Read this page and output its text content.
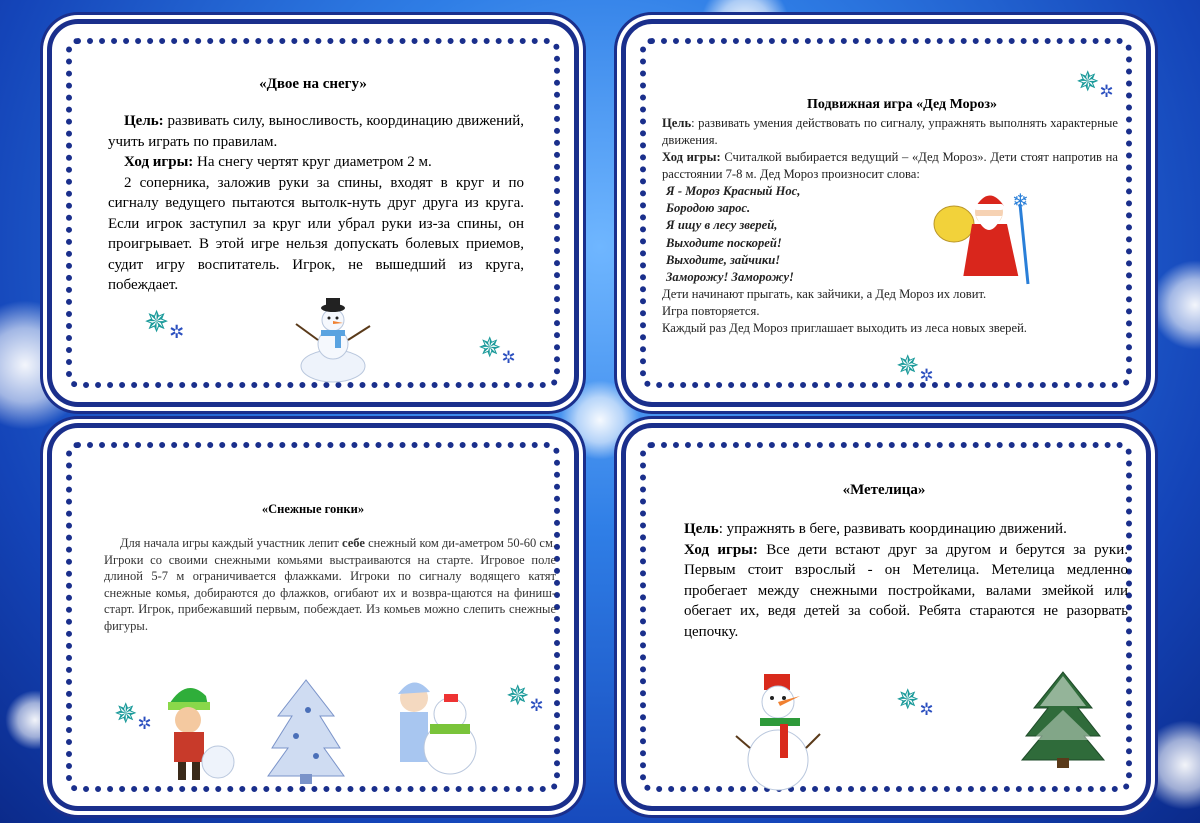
«Двое на снегу»
Цель: развивать силу, выносливость, координацию движений, учить играть по правилам.
Ход игры: На снегу чертят круг диаметром 2 м.
2 соперника, заложив руки за спины, входят в круг и по сигналу ведущего пытаются вытолк-нуть друг друга из круга. Если игрок заступил за круг или убрал руки из-за спины, он проигрывает. В этой игре нельзя допускать болевых приемов, судит игру воспитатель. Игрок, не вышедший из круга, побеждает.
$✵_✲$	$✵_✲$
Подвижная игра «Дед Мороз»
Цель: развивать умения действовать по сигналу, упражнять выполнять характерные движения.
Ход игры: Считалкой выбирается ведущий – «Дед Мороз». Дети стоят напротив на расстоянии 7-8 м. Дед Мороз произносит слова:
Я - Мороз Красный Нос,
Бородою зарос.
Я ищу в лесу зверей,
Выходите поскорей!
Выходите, зайчики!
Заморожу! Заморожу!
Дети начинают прыгать, как зайчики, а Дед Мороз их ловит.
Игра повторяется.
Каждый раз Дед Мороз приглашает выходить из леса новых зверей.
$✵_✲$
$✵_✲$
❄
«Снежные гонки»
Для начала игры каждый участник лепит себе снежный ком ди-аметром 50-60 см. Игроки со своими снежными комьями выстраиваются на старте. Игровое поле длиной 5-7 м ограничивается флажками. Игроки по сигналу водящего катят снежные комья, добираются до флажков, огибают их и возвра-щаются на финиш-старт. Игрок, прибежавший первым, побеждает. Из комьев можно слепить снежные фигуры.
$✵_✲$
$✵_✲$
«Метелица»
Цель: упражнять в беге, развивать координацию движений.
Ход игры: Все дети встают друг за другом и берутся за руки. Первым стоит взрослый - он Метелица. Метелица медленно пробегает между снежными постройками, валами змейкой или обегает их, ведя детей за собой. Ребята стараются не разорвать цепочку.
$✵_✲$
